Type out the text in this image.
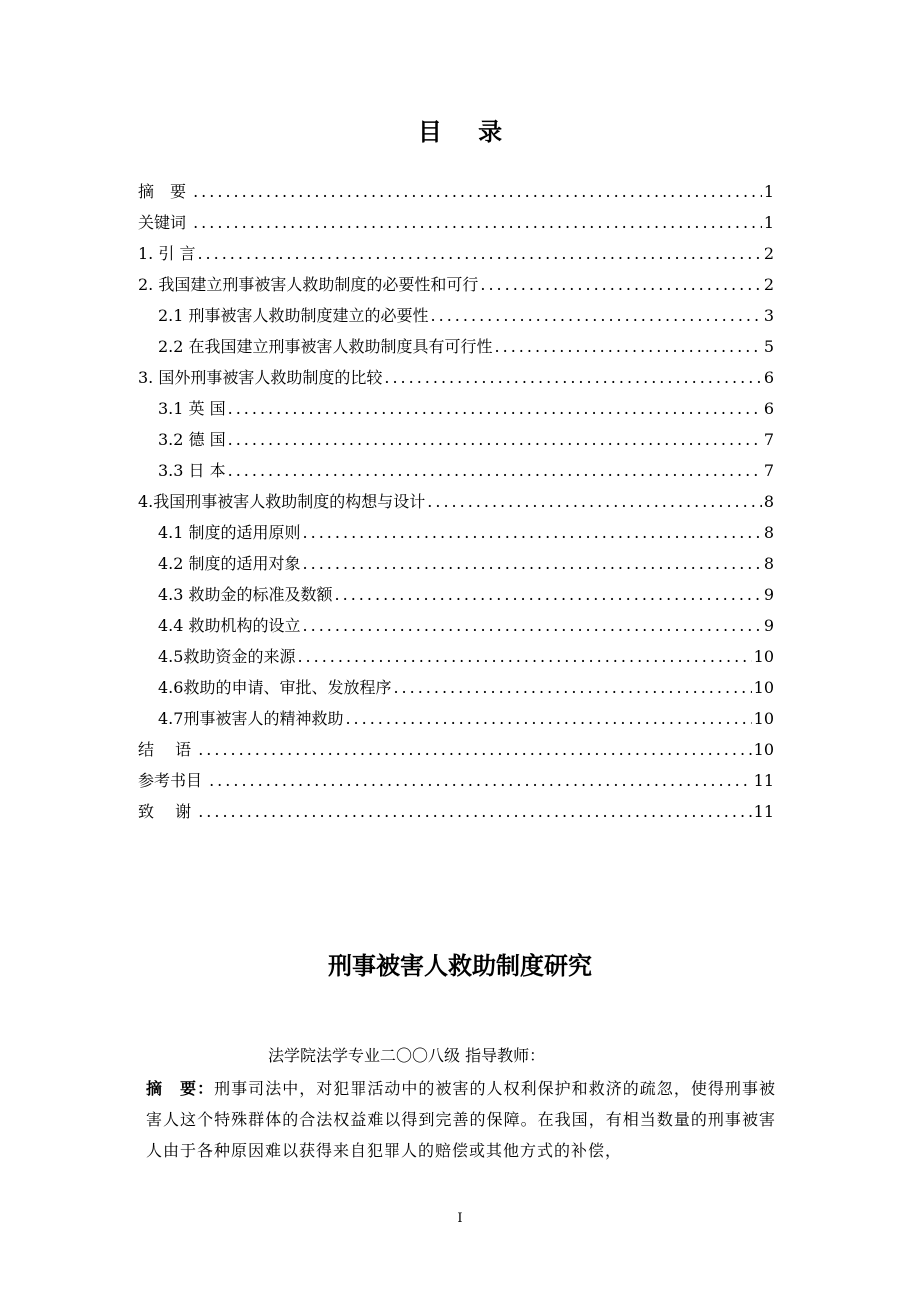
目 录
摘　要 .....	1
关键词 .....	1
1. 引 言 .....	2
2. 我国建立刑事被害人救助制度的必要性和可行 .....	2
2.1 刑事被害人救助制度建立的必要性 .....	3
2.2 在我国建立刑事被害人救助制度具有可行性 .....	5
3. 国外刑事被害人救助制度的比较 .....	6
3.1 英 国 .....	6
3.2 德 国 .....	7
3.3 日 本 .....	7
4.我国刑事被害人救助制度的构想与设计 .....	8
4.1 制度的适用原则 .....	8
4.2 制度的适用对象 .....	8
4.3 救助金的标准及数额 .....	9
4.4 救助机构的设立 .....	9
4.5救助资金的来源 .....	10
4.6救助的申请、审批、发放程序 .....	10
4.7刑事被害人的精神救助 .....	10
结　 语 .....	10
参考书目 .....	11
致　 谢 .....	11
刑事被害人救助制度研究
法学院法学专业二〇〇八级 指导教师：
摘　要：刑事司法中，对犯罪活动中的被害的人权利保护和救济的疏忽，使得刑事被害人这个特殊群体的合法权益难以得到完善的保障。在我国，有相当数量的刑事被害人由于各种原因难以获得来自犯罪人的赔偿或其他方式的补偿，
I
